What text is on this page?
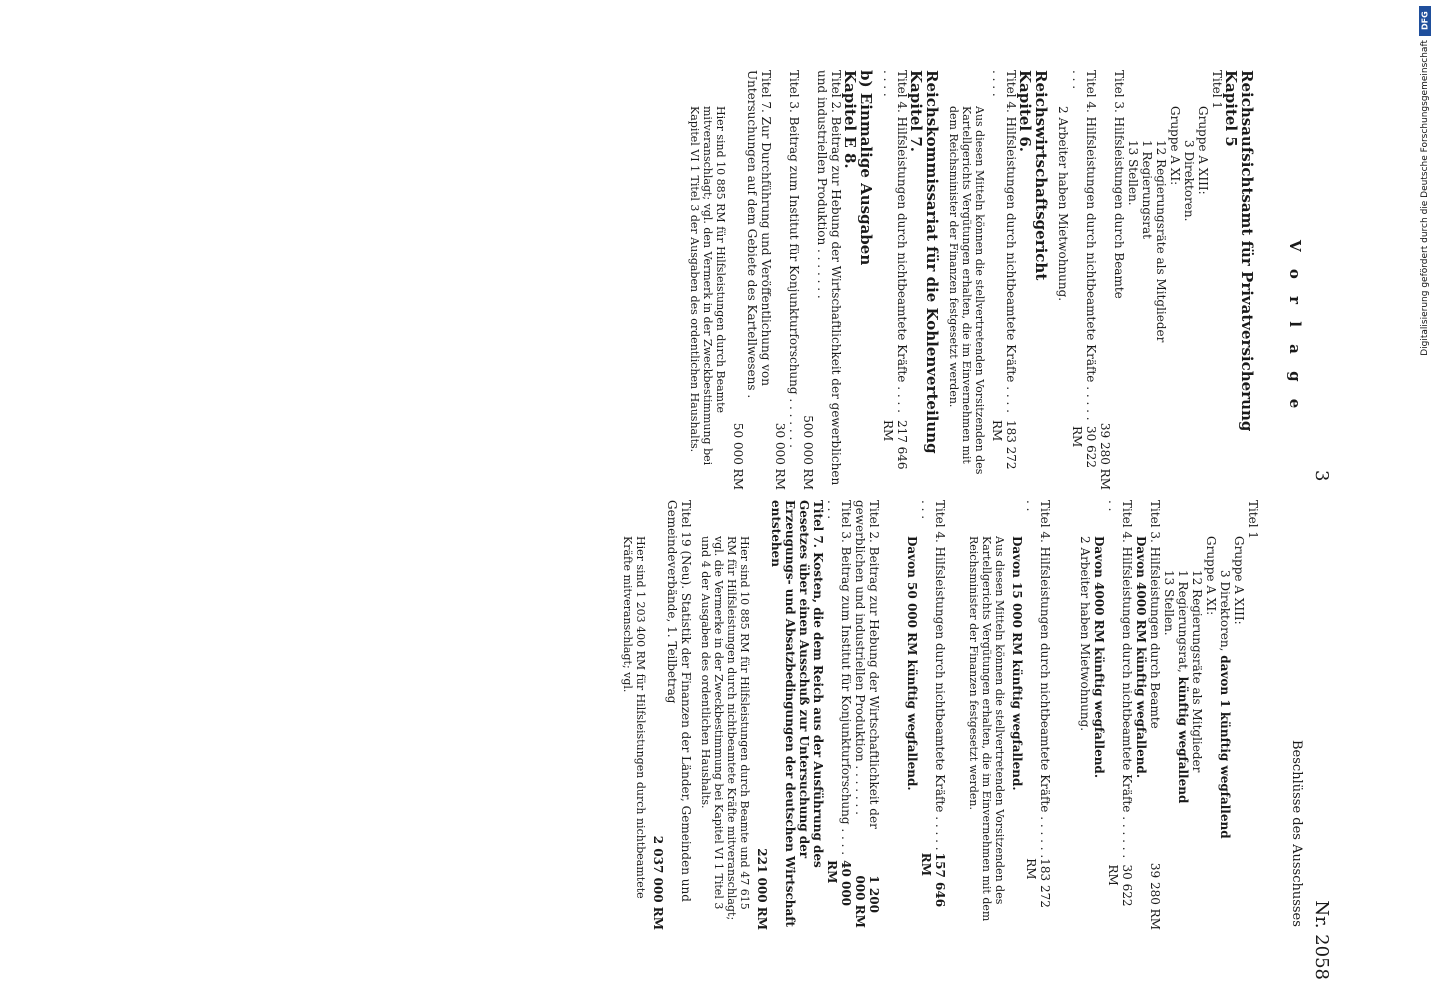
DFG
Digitalisierung gefördert durch die Deutsche Forschungsgemeinschaft
3
Nr. 2058
V o r l a g e
Beschlüsse des Ausschusses
Reichsaufsichtsamt für Privatversicherung
Kapitel 5
Titel 1
Gruppe A XIII:
3 Direktoren.
Gruppe A XI:
12 Regierungsräte als Mitglieder
1 Regierungsrat
13 Stellen.
Titel 3. Hilfsleistungen durch Beamte
39 280 RM
Titel 4. Hilfsleistungen durch nichtbeamtete Kräfte . . . . . . . .
30 622 RM
2 Arbeiter haben Mietwohnung.
Reichswirtschaftsgericht
Kapitel 6.
Titel 4. Hilfsleistungen durch nichtbeamtete Kräfte . . . . . . . .
183 272 RM
Aus diesen Mitteln können die stellvertretenden Vorsitzenden des Kartellgerichts Vergütungen erhalten, die im Einvernehmen mit dem Reichsminister der Finanzen festgesetzt werden.
Reichskommissariat für die Kohlenverteilung
Kapitel 7.
Titel 4. Hilfsleistungen durch nichtbeamtete Kräfte . . . . . . . .
217 646 RM
b) Einmalige Ausgaben
Kapitel E 8.
Titel 2. Beitrag zur Hebung der Wirtschaftlichkeit der gewerblichen und industriellen Produktion . . . . . . .
500 000 RM
Titel 3. Beitrag zum Institut für Konjunkturforschung . . . . . . .
30 000 RM
Titel 7. Zur Durchführung und Veröffentlichung von Untersuchungen auf dem Gebiete des Kartellwesens .
50 000 RM
Hier sind 10 885 RM für Hilfsleistungen durch Beamte mitveranschlagt; vgl. den Vermerk in der Zweckbestimmung bei Kapitel VI 1 Titel 3 der Ausgaben des ordentlichen Haushalts.
Titel 1
Gruppe A XIII:
3 Direktoren, davon 1 künftig wegfallend
Gruppe A XI:
12 Regierungsräte als Mitglieder
1 Regierungsrat, künftig wegfallend
13 Stellen.
Titel 3. Hilfsleistungen durch Beamte
39 280 RM
Davon 4000 RM künftig wegfallend.
Titel 4. Hilfsleistungen durch nichtbeamtete Kräfte . . . . . . . .
30 622 RM
Davon 4000 RM künftig wegfallend.
2 Arbeiter haben Mietwohnung.
Titel 4. Hilfsleistungen durch nichtbeamtete Kräfte . . . . . . . .
183 272 RM
Davon 15 000 RM künftig wegfallend.
Aus diesen Mitteln können die stellvertretenden Vorsitzenden des Kartellgerichts Vergütungen erhalten, die im Einvernehmen mit dem Reichsminister der Finanzen festgesetzt werden.
Titel 4. Hilfsleistungen durch nichtbeamtete Kräfte . . . . . . . .
157 646 RM
Davon 50 000 RM künftig wegfallend.
Titel 2. Beitrag zur Hebung der Wirtschaftlichkeit der gewerblichen und industriellen Produktion . . . . . . .
1 200 000 RM
Titel 3. Beitrag zum Institut für Konjunkturforschung . . . . . . .
40 000 RM
Titel 7. Kosten, die dem Reich aus der Ausführung des Gesetzes über einen Ausschuß zur Untersuchung der Erzeugungs- und Absatzbedingungen der deutschen Wirtschaft entstehen
221 000 RM
Hier sind 10 885 RM für Hilfsleistungen durch Beamte und 47 615 RM für Hilfsleistungen durch nichtbeamtete Kräfte mitveranschlagt; vgl. die Vermerke in der Zweckbestimmung bei Kapitel VI 1 Titel 3 und 4 der Ausgaben des ordentlichen Haushalts.
Titel 19 (Neu). Statistik der Finanzen der Länder, Gemeinden und Gemeindeverbände, 1. Teilbetrag
2 037 000 RM
Hier sind 1 203 400 RM für Hilfsleistungen durch nichtbeamtete Kräfte mitveranschlagt; vgl.
